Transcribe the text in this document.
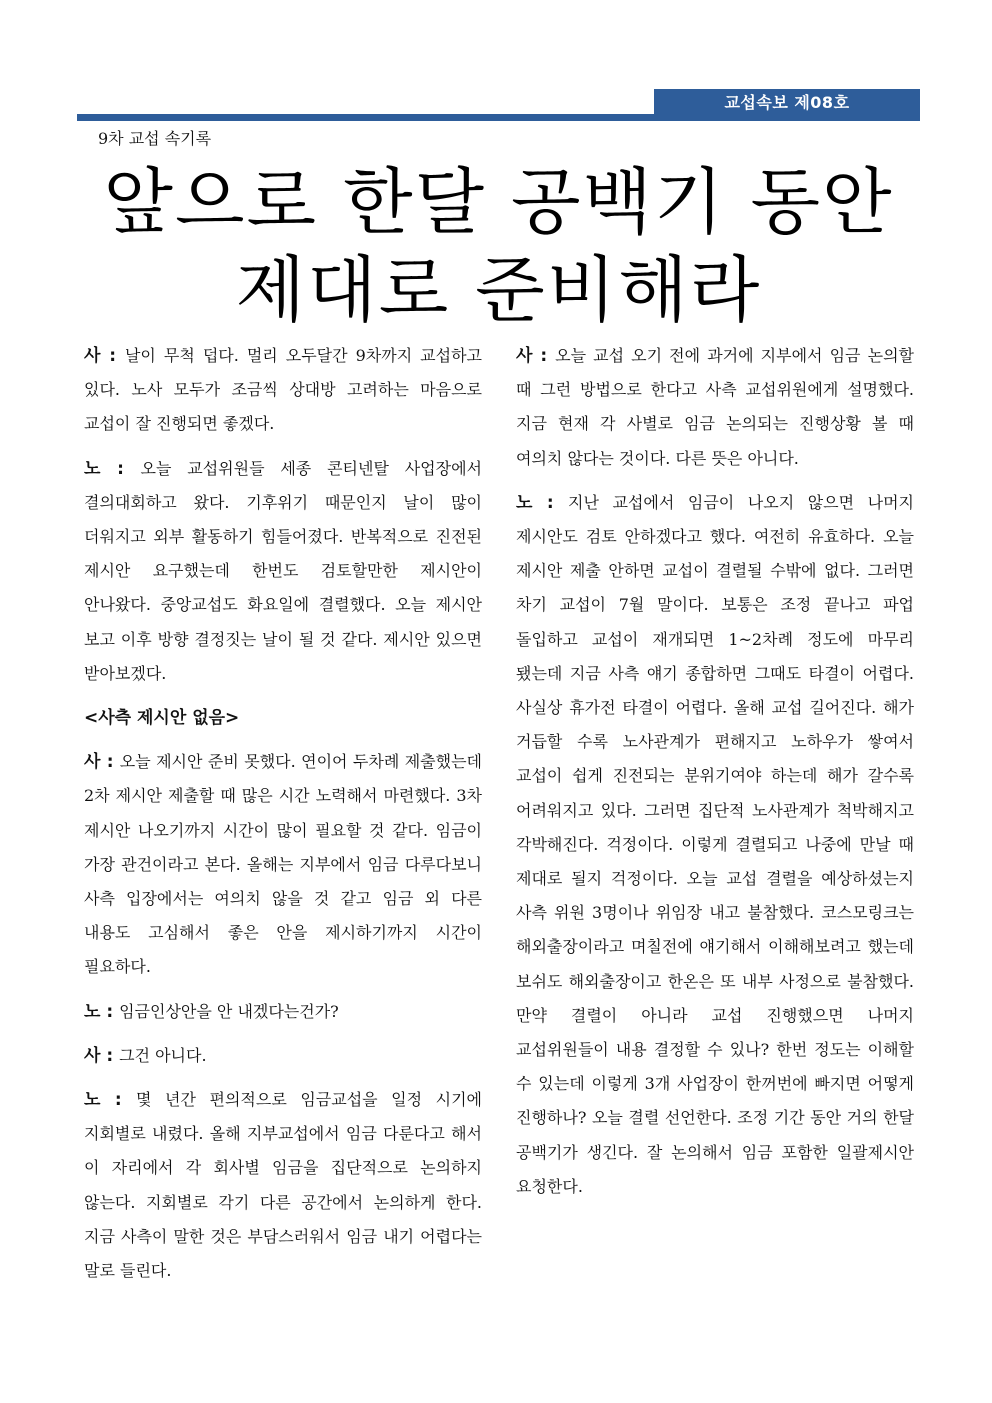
교섭속보 제08호
9차 교섭 속기록
앞으로 한달 공백기 동안
제대로 준비해라

사 : 날이 무척 덥다. 멀리 오두달간 9차까지 교섭하고 있다. 노사 모두가 조금씩 상대방 고려하는 마음으로 교섭이 잘 진행되면 좋겠다.

노 : 오늘 교섭위원들 세종 콘티넨탈 사업장에서 결의대회하고 왔다. 기후위기 때문인지 날이 많이 더워지고 외부 활동하기 힘들어졌다. 반복적으로 진전된 제시안 요구했는데 한번도 검토할만한 제시안이 안나왔다. 중앙교섭도 화요일에 결렬했다. 오늘 제시안 보고 이후 방향 결정짓는 날이 될 것 같다. 제시안 있으면 받아보겠다.

<사측 제시안 없음>

사 : 오늘 제시안 준비 못했다. 연이어 두차례 제출했는데 2차 제시안 제출할 때 많은 시간 노력해서 마련했다. 3차 제시안 나오기까지 시간이 많이 필요할 것 같다. 임금이 가장 관건이라고 본다. 올해는 지부에서 임금 다루다보니 사측 입장에서는 여의치 않을 것 같고 임금 외 다른 내용도 고심해서 좋은 안을 제시하기까지 시간이 필요하다.

노 : 임금인상안을 안 내겠다는건가?

사 : 그건 아니다.

노 : 몇 년간 편의적으로 임금교섭을 일정 시기에 지회별로 내렸다. 올해 지부교섭에서 임금 다룬다고 해서 이 자리에서 각 회사별 임금을 집단적으로 논의하지 않는다. 지회별로 각기 다른 공간에서 논의하게 한다. 지금 사측이 말한 것은 부담스러워서 임금 내기 어렵다는 말로 들린다.

사 : 오늘 교섭 오기 전에 과거에 지부에서 임금 논의할 때 그런 방법으로 한다고 사측 교섭위원에게 설명했다. 지금 현재 각 사별로 임금 논의되는 진행상황 볼 때 여의치 않다는 것이다. 다른 뜻은 아니다.

노 : 지난 교섭에서 임금이 나오지 않으면 나머지 제시안도 검토 안하겠다고 했다. 여전히 유효하다. 오늘 제시안 제출 안하면 교섭이 결렬될 수밖에 없다. 그러면 차기 교섭이 7월 말이다. 보통은 조정 끝나고 파업 돌입하고 교섭이 재개되면 1~2차례 정도에 마무리 됐는데 지금 사측 얘기 종합하면 그때도 타결이 어렵다. 사실상 휴가전 타결이 어렵다. 올해 교섭 길어진다. 해가 거듭할 수록 노사관계가 편해지고 노하우가 쌓여서 교섭이 쉽게 진전되는 분위기여야 하는데 해가 갈수록 어려워지고 있다. 그러면 집단적 노사관계가 척박해지고 각박해진다. 걱정이다. 이렇게 결렬되고 나중에 만날 때 제대로 될지 걱정이다. 오늘 교섭 결렬을 예상하셨는지 사측 위원 3명이나 위임장 내고 불참했다. 코스모링크는 해외출장이라고 며칠전에 얘기해서 이해해보려고 했는데 보쉬도 해외출장이고 한온은 또 내부 사정으로 불참했다. 만약 결렬이 아니라 교섭 진행했으면 나머지 교섭위원들이 내용 결정할 수 있나? 한번 정도는 이해할 수 있는데 이렇게 3개 사업장이 한꺼번에 빠지면 어떻게 진행하나? 오늘 결렬 선언한다. 조정 기간 동안 거의 한달 공백기가 생긴다. 잘 논의해서 임금 포함한 일괄제시안 요청한다.
